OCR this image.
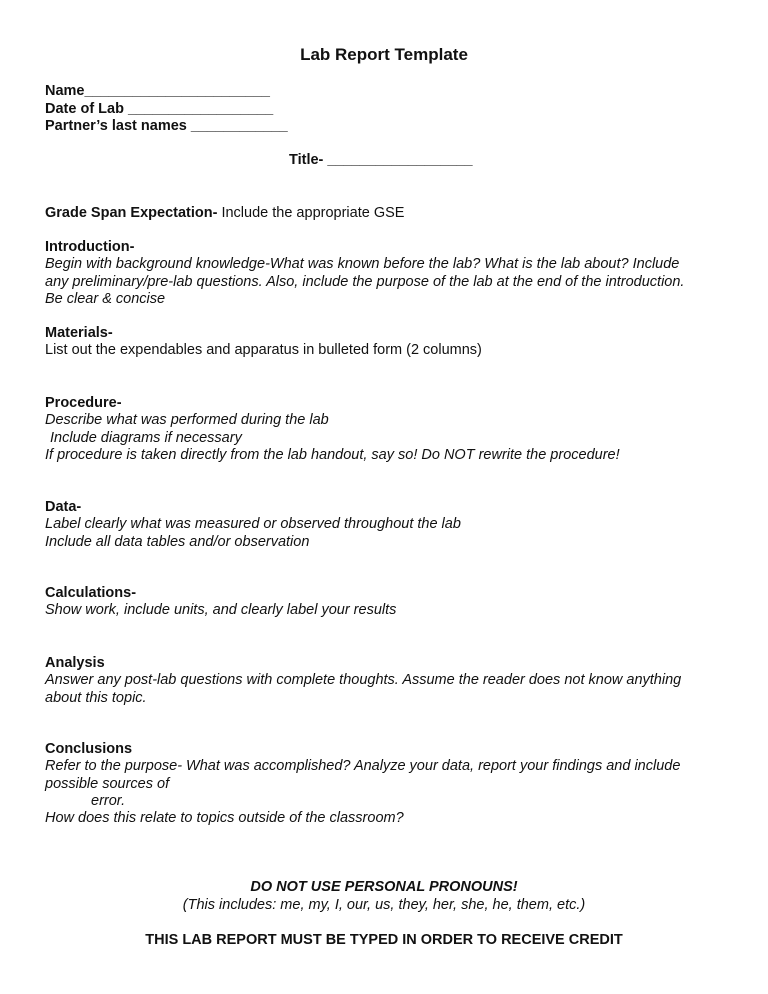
Lab Report Template
Name_______________________
Date of Lab __________________
Partner’s last names ____________
Title- __________________
Grade Span Expectation- Include the appropriate GSE
Introduction-
Begin with background knowledge-What was known before the lab? What is the lab about? Include
any preliminary/pre-lab questions. Also, include the purpose of the lab at the end of the introduction.
Be clear & concise
Materials-
List out the expendables and apparatus in bulleted form (2 columns)
Procedure-
Describe what was performed during the lab
Include diagrams if necessary
If procedure is taken directly from the lab handout, say so! Do NOT rewrite the procedure!
Data-
Label clearly what was measured or observed throughout the lab
Include all data tables and/or observation
Calculations-
Show work, include units, and clearly label your results
Analysis
Answer any post-lab questions with complete thoughts. Assume the reader does not know anything
about this topic.
Conclusions
Refer to the purpose- What was accomplished? Analyze your data, report your findings and include
possible sources of
error.
How does this relate to topics outside of the classroom?
DO NOT USE PERSONAL PRONOUNS!
(This includes: me, my, I, our, us, they, her, she, he, them, etc.)
THIS LAB REPORT MUST BE TYPED IN ORDER TO RECEIVE CREDIT
